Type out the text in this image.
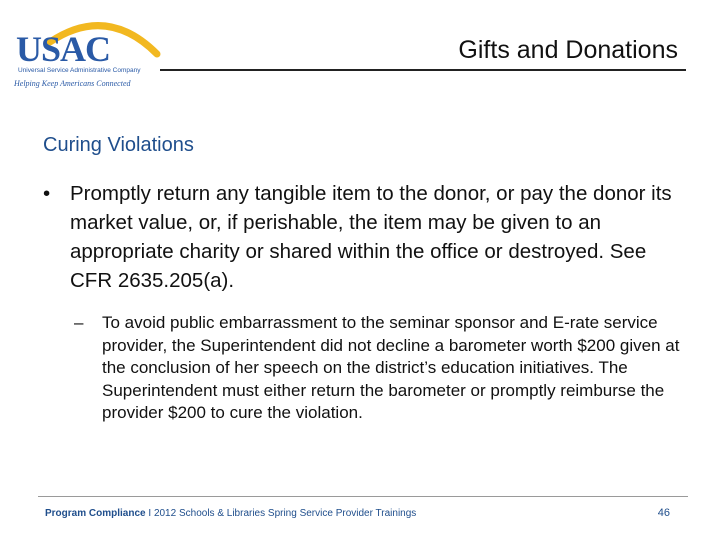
USAC
Universal Service Administrative Company
Helping Keep Americans Connected
Gifts and Donations
Curing Violations
• Promptly return any tangible item to the donor, or pay the donor its market value, or, if perishable, the item may be given to an appropriate charity or shared within the office or destroyed. See CFR 2635.205(a).
– To avoid public embarrassment to the seminar sponsor and E-rate service provider, the Superintendent did not decline a barometer worth $200 given at the conclusion of her speech on the district’s education initiatives. The Superintendent must either return the barometer or promptly reimburse the provider $200 to cure the violation.
Program Compliance I 2012 Schools & Libraries Spring Service Provider Trainings	46
